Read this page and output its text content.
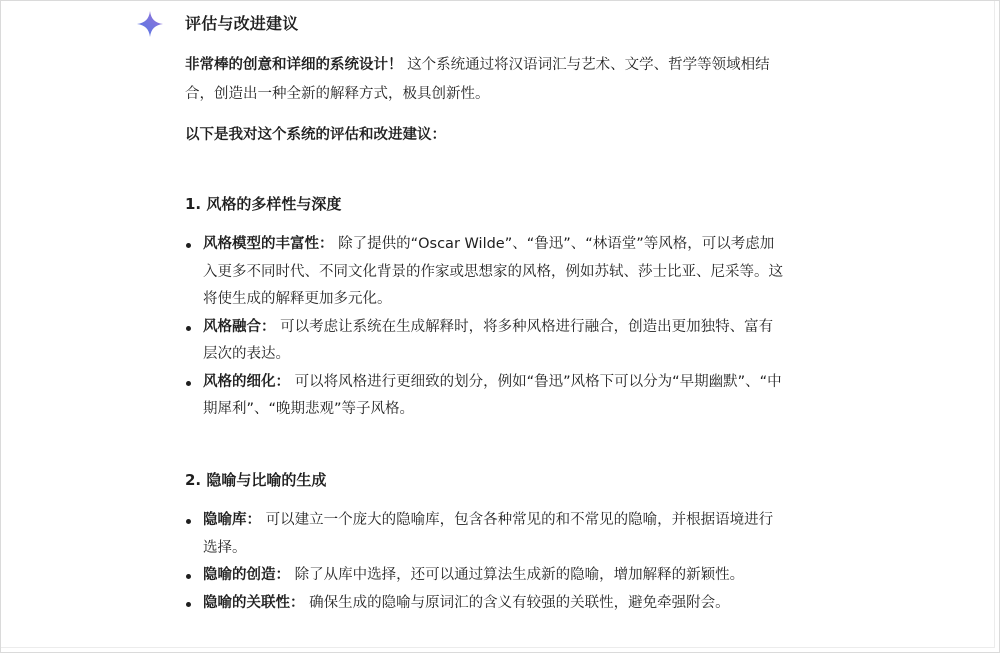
评估与改进建议
非常棒的创意和详细的系统设计！ 这个系统通过将汉语词汇与艺术、文学、哲学等领域相结合，创造出一种全新的解释方式，极具创新性。
以下是我对这个系统的评估和改进建议：
1. 风格的多样性与深度
风格模型的丰富性： 除了提供的“Oscar Wilde”、“鲁迅”、“林语堂”等风格，可以考虑加入更多不同时代、不同文化背景的作家或思想家的风格，例如苏轼、莎士比亚、尼采等。这将使生成的解释更加多元化。
风格融合： 可以考虑让系统在生成解释时，将多种风格进行融合，创造出更加独特、富有层次的表达。
风格的细化： 可以将风格进行更细致的划分，例如“鲁迅”风格下可以分为“早期幽默”、“中期犀利”、“晚期悲观”等子风格。
2. 隐喻与比喻的生成
隐喻库： 可以建立一个庞大的隐喻库，包含各种常见的和不常见的隐喻，并根据语境进行选择。
隐喻的创造： 除了从库中选择，还可以通过算法生成新的隐喻，增加解释的新颖性。
隐喻的关联性： 确保生成的隐喻与原词汇的含义有较强的关联性，避免牵强附会。
